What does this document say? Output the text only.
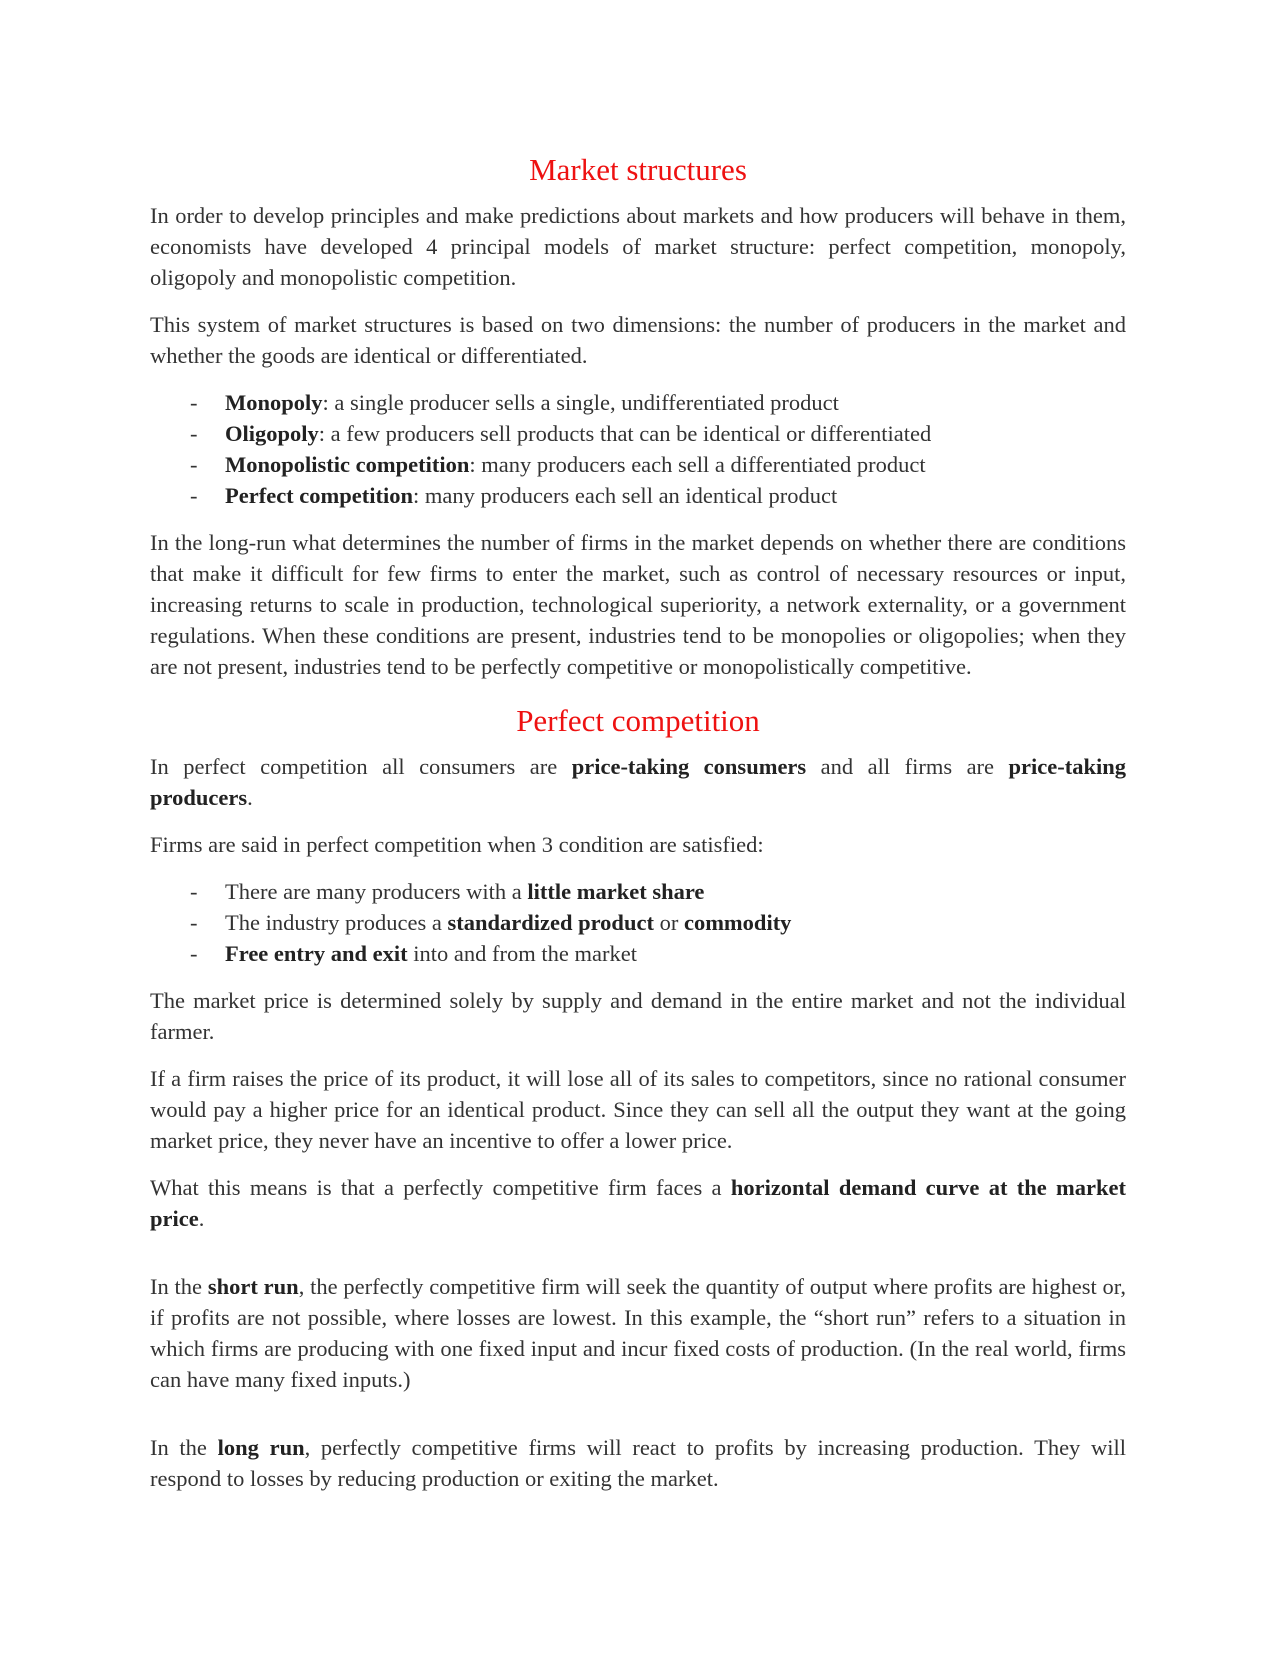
Market structures

In order to develop principles and make predictions about markets and how producers will behave in them, economists have developed 4 principal models of market structure: perfect competition, monopoly, oligopoly and monopolistic competition.

This system of market structures is based on two dimensions: the number of producers in the market and whether the goods are identical or differentiated.

- Monopoly: a single producer sells a single, undifferentiated product
- Oligopoly: a few producers sell products that can be identical or differentiated
- Monopolistic competition: many producers each sell a differentiated product
- Perfect competition: many producers each sell an identical product

In the long-run what determines the number of firms in the market depends on whether there are conditions that make it difficult for few firms to enter the market, such as control of necessary resources or input, increasing returns to scale in production, technological superiority, a network externality, or a government regulations. When these conditions are present, industries tend to be monopolies or oligopolies; when they are not present, industries tend to be perfectly competitive or monopolistically competitive.

Perfect competition

In perfect competition all consumers are price-taking consumers and all firms are price-taking producers.

Firms are said in perfect competition when 3 condition are satisfied:

- There are many producers with a little market share
- The industry produces a standardized product or commodity
- Free entry and exit into and from the market

The market price is determined solely by supply and demand in the entire market and not the individual farmer.

If a firm raises the price of its product, it will lose all of its sales to competitors, since no rational consumer would pay a higher price for an identical product. Since they can sell all the output they want at the going market price, they never have an incentive to offer a lower price.

What this means is that a perfectly competitive firm faces a horizontal demand curve at the market price.

In the short run, the perfectly competitive firm will seek the quantity of output where profits are highest or, if profits are not possible, where losses are lowest. In this example, the “short run” refers to a situation in which firms are producing with one fixed input and incur fixed costs of production. (In the real world, firms can have many fixed inputs.)

In the long run, perfectly competitive firms will react to profits by increasing production. They will respond to losses by reducing production or exiting the market.
